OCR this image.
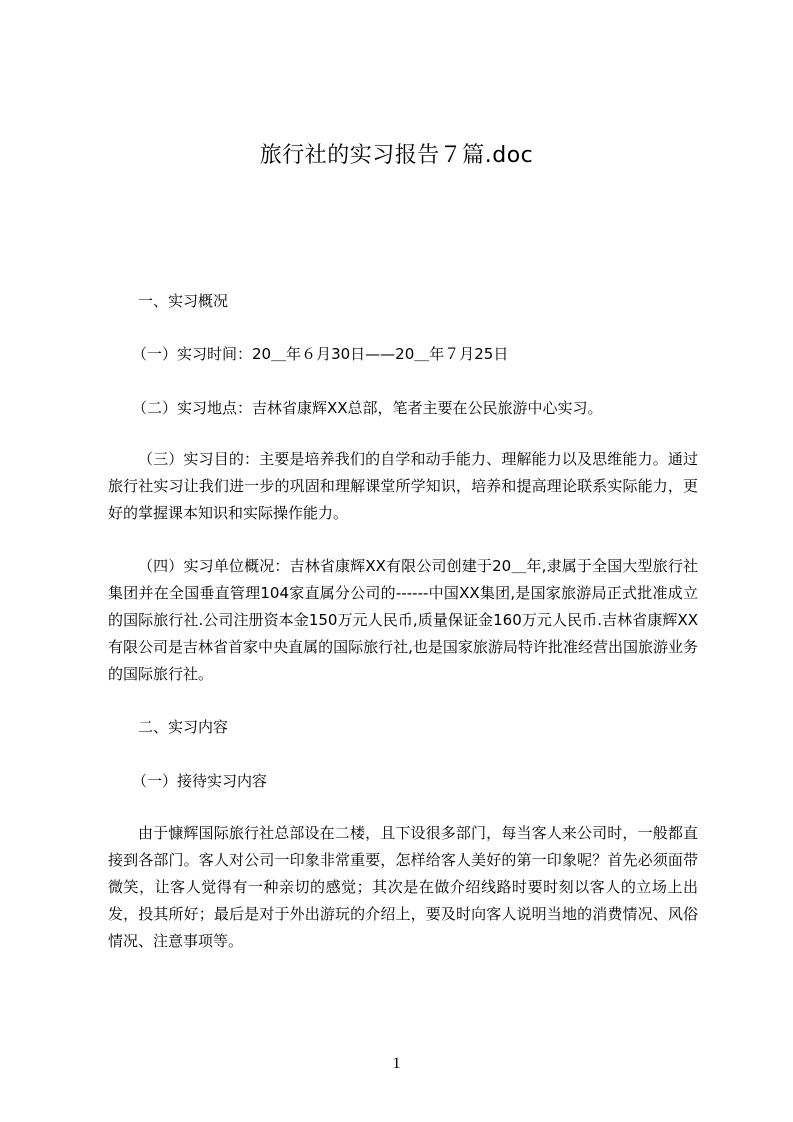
旅行社的实习报告７篇.doc
一、实习概况
（一）实习时间：20＿年６月30日——20＿年７月25日
（二）实习地点：吉林省康辉XX总部，笔者主要在公民旅游中心实习。

（三）实习目的：主要是培养我们的自学和动手能力、理解能力以及思维能力。通过旅行社实习让我们进一步的巩固和理解课堂所学知识，培养和提高理论联系实际能力，更好的掌握课本知识和实际操作能力。

（四）实习单位概况：吉林省康辉XX有限公司创建于20＿年,隶属于全国大型旅行社集团并在全国垂直管理104家直属分公司的------中国XX集团,是国家旅游局正式批准成立的国际旅行社.公司注册资本金150万元人民币,质量保证金160万元人民币.吉林省康辉XX有限公司是吉林省首家中央直属的国际旅行社,也是国家旅游局特许批准经营出国旅游业务的国际旅行社。

二、实习内容
（一）接待实习内容

由于慷辉国际旅行社总部设在二楼，且下设很多部门，每当客人来公司时，一般都直接到各部门。客人对公司一印象非常重要，怎样给客人美好的第一印象呢？首先必须面带微笑，让客人觉得有一种亲切的感觉；其次是在做介绍线路时要时刻以客人的立场上出发，投其所好；最后是对于外出游玩的介绍上，要及时向客人说明当地的消费情况、风俗情况、注意事项等。

1
